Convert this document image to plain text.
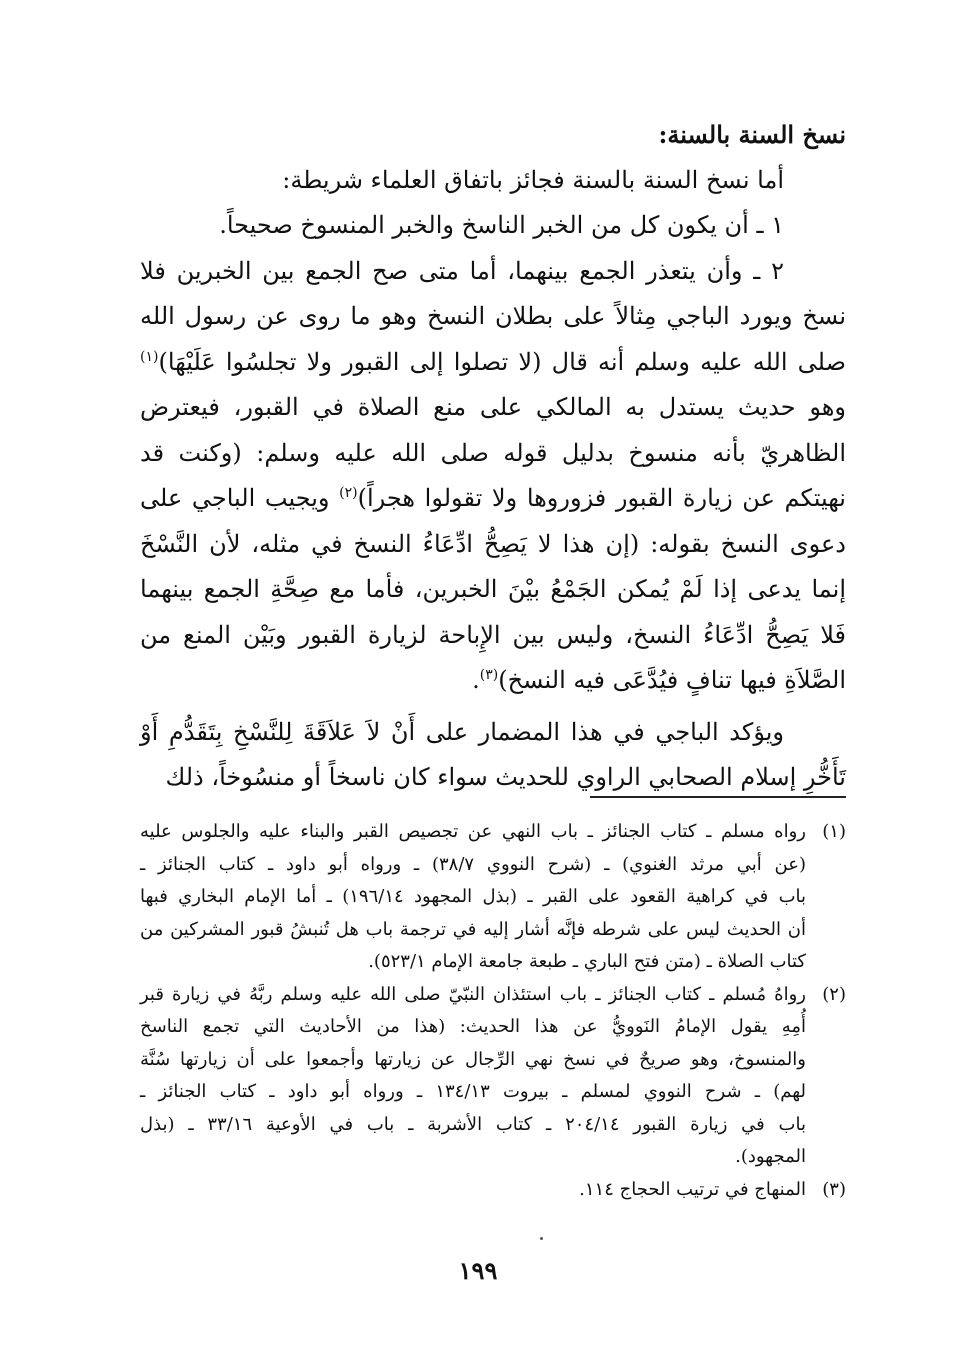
نسخ السنة بالسنة:

أما نسخ السنة بالسنة فجائز باتفاق العلماء شريطة:

١ ـ أن يكون كل من الخبر الناسخ والخبر المنسوخ صحيحاً.

٢ ـ وأن يتعذر الجمع بينهما، أما متى صح الجمع بين الخبرين فلا نسخ ويورد الباجي مِثالاً على بطلان النسخ وهو ما روى عن رسول الله صلى الله عليه وسلم أنه قال (لا تصلوا إلى القبور ولا تجلسُوا عَلَيْهَا)$^{(١)}$ وهو حديث يستدل به المالكي على منع الصلاة في القبور، فيعترض الظاهريّ بأنه منسوخ بدليل قوله صلى الله عليه وسلم: (وكنت قد نهيتكم عن زيارة القبور فزوروها ولا تقولوا هجراً)$^{(٢)}$ ويجيب الباجي على دعوى النسخ بقوله: (إن هذا لا يَصِحُّ ادِّعَاءُ النسخ في مثله، لأن النَّسْخَ إنما يدعى إذا لَمْ يُمكن الجَمْعُ بيْنَ الخبرين، فأما مع صِحَّةِ الجمع بينهما فَلا يَصِحُّ ادِّعَاءُ النسخ، وليس بين الإِباحة لزيارة القبور وبَيْن المنع من الصَّلاَةِ فيها تنافٍ فيُدَّعَى فيه النسخ)$^{(٣)}$.

ويؤكد الباجي في هذا المضمار على أَنْ لاَ عَلاَقَةَ لِلنَّسْخِ بِتَقَدُّمِ أَوْ تَأَخُّرِ إسلام الصحابي الراوي للحديث سواء كان ناسخاً أو منسُوخاً، ذلك

(١)
رواه مسلم ـ كتاب الجنائز ـ باب النهي عن تجصيص القبر والبناء عليه والجلوس عليه
(عن أبي مرثد الغنوي) ـ (شرح النووي ٣٨/٧) ـ ورواه أبو داود ـ كتاب الجنائز ـ
باب في كراهية القعود على القبر ـ (بذل المجهود ١٩٦/١٤) ـ أما الإمام البخاري فبها
أن الحديث ليس على شرطه فإنَّه أشار إليه في ترجمة باب هل تُنبشُ قبور المشركين من
كتاب الصلاة ـ (متن فتح الباري ـ طبعة جامعة الإمام ٥٢٣/١).
(٢)
رواهُ مُسلم ـ كتاب الجنائز ـ باب استئذان النبّيّ صلى الله عليه وسلم ربَّهُ في زيارة قبر
أُمِهِ يقول الإمامُ النَوويُّ عن هذا الحديث: (هذا من الأحاديث التي تجمع الناسخ
والمنسوخ، وهو صريحٌ في نسخ نهي الرِّجال عن زيارتها وأجمعوا على أن زيارتها سُنَّة
لهم) ـ شرح النووي لمسلم ـ بيروت ١٣٤/١٣ ـ ورواه أبو داود ـ كتاب الجنائز ـ
باب في زيارة القبور ٢٠٤/١٤ ـ كتاب الأشربة ـ باب في الأوعية ٣٣/١٦ ـ (بذل
المجهود).
(٣)
المنهاج في ترتيب الحجاج ١١٤.
١٩٩
